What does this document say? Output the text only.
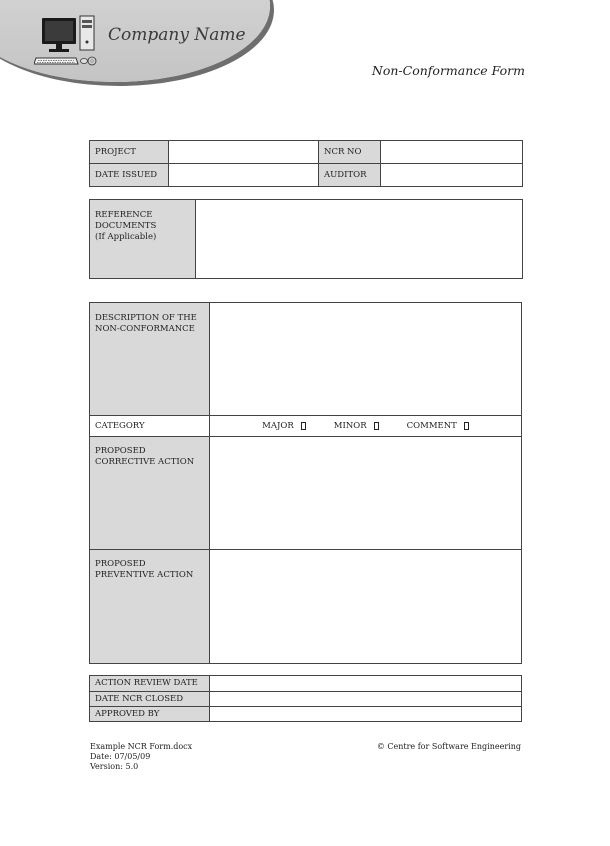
Company Name
Non-Conformance Form
PROJECT		NCR NO	
DATE ISSUED		AUDITOR	
REFERENCE DOCUMENTS
(If Applicable)

DESCRIPTION OF THE NON-CONFORMANCE	
CATEGORY	MAJOR MINOR COMMENT

PROPOSED CORRECTIVE ACTION	
PROPOSED PREVENTIVE ACTION	
ACTION REVIEW DATE	
DATE NCR CLOSED	
APPROVED BY	
Example NCR Form.docx
Date: 07/05/09
Version: 5.0
© Centre for Software Engineering
